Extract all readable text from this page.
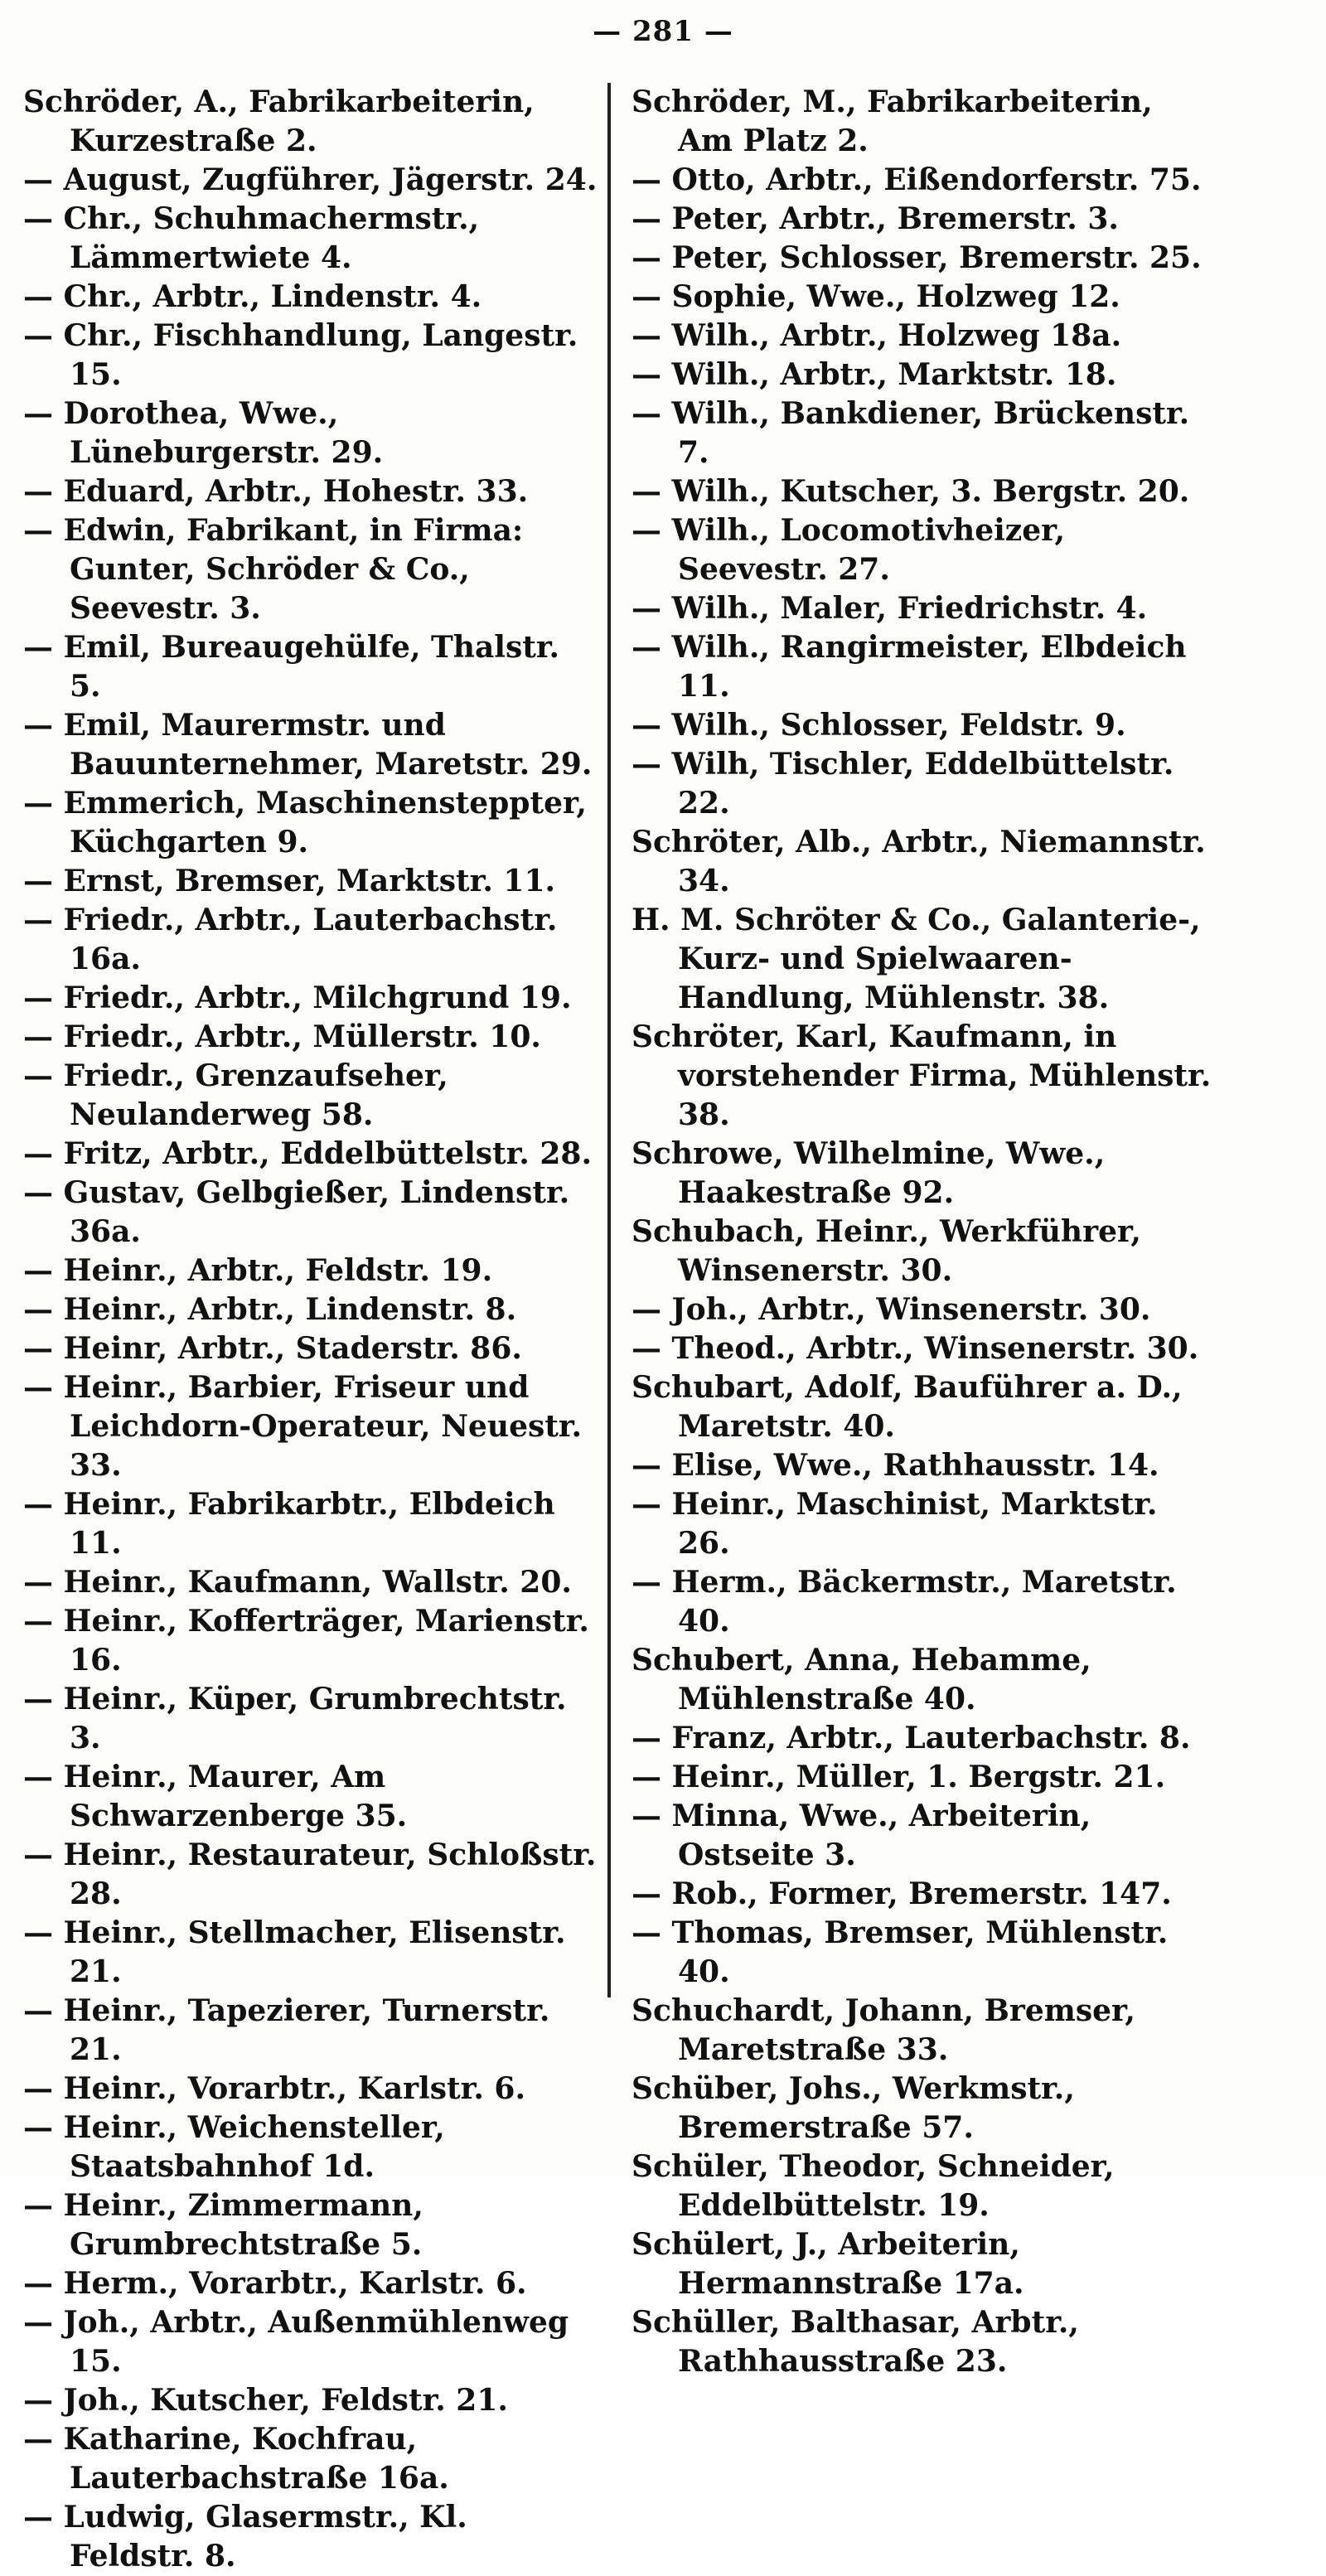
— 281 —

Schröder, A., Fabrikarbeiterin, Kurzestraße 2.

— August, Zugführer, Jägerstr. 24.

— Chr., Schuhmachermstr., Lämmertwiete 4.

— Chr., Arbtr., Lindenstr. 4.

— Chr., Fischhandlung, Langestr. 15.

— Dorothea, Wwe., Lüneburgerstr. 29.

— Eduard, Arbtr., Hohestr. 33.

— Edwin, Fabrikant, in Firma: Gunter, Schröder & Co., Seevestr. 3.

— Emil, Bureaugehülfe, Thalstr. 5.

— Emil, Maurermstr. und Bauunternehmer, Maretstr. 29.

— Emmerich, Maschinensteppter, Küchgarten 9.

— Ernst, Bremser, Marktstr. 11.

— Friedr., Arbtr., Lauterbachstr. 16a.

— Friedr., Arbtr., Milchgrund 19.

— Friedr., Arbtr., Müllerstr. 10.

— Friedr., Grenzaufseher, Neulanderweg 58.

— Fritz, Arbtr., Eddelbüttelstr. 28.

— Gustav, Gelbgießer, Lindenstr. 36a.

— Heinr., Arbtr., Feldstr. 19.

— Heinr., Arbtr., Lindenstr. 8.

— Heinr, Arbtr., Staderstr. 86.

— Heinr., Barbier, Friseur und Leichdorn-Operateur, Neuestr. 33.

— Heinr., Fabrikarbtr., Elbdeich 11.

— Heinr., Kaufmann, Wallstr. 20.

— Heinr., Kofferträger, Marienstr. 16.

— Heinr., Küper, Grumbrechtstr. 3.

— Heinr., Maurer, Am Schwarzenberge 35.

— Heinr., Restaurateur, Schloßstr. 28.

— Heinr., Stellmacher, Elisenstr. 21.

— Heinr., Tapezierer, Turnerstr. 21.

— Heinr., Vorarbtr., Karlstr. 6.

— Heinr., Weichensteller, Staatsbahnhof 1d.

— Heinr., Zimmermann, Grumbrechtstraße 5.

— Herm., Vorarbtr., Karlstr. 6.

— Joh., Arbtr., Außenmühlenweg 15.

— Joh., Kutscher, Feldstr. 21.

— Katharine, Kochfrau, Lauterbachstraße 16a.

— Ludwig, Glasermstr., Kl. Feldstr. 8.

Schröder, M., Fabrikarbeiterin, Am Platz 2.

— Otto, Arbtr., Eißendorferstr. 75.

— Peter, Arbtr., Bremerstr. 3.

— Peter, Schlosser, Bremerstr. 25.

— Sophie, Wwe., Holzweg 12.

— Wilh., Arbtr., Holzweg 18a.

— Wilh., Arbtr., Marktstr. 18.

— Wilh., Bankdiener, Brückenstr. 7.

— Wilh., Kutscher, 3. Bergstr. 20.

— Wilh., Locomotivheizer, Seevestr. 27.

— Wilh., Maler, Friedrichstr. 4.

— Wilh., Rangirmeister, Elbdeich 11.

— Wilh., Schlosser, Feldstr. 9.

— Wilh, Tischler, Eddelbüttelstr. 22.

Schröter, Alb., Arbtr., Niemannstr. 34.

H. M. Schröter & Co., Galanterie-, Kurz- und Spielwaaren-Handlung, Mühlenstr. 38.

Schröter, Karl, Kaufmann, in vorstehender Firma, Mühlenstr. 38.

Schrowe, Wilhelmine, Wwe., Haakestraße 92.

Schubach, Heinr., Werkführer, Winsenerstr. 30.

— Joh., Arbtr., Winsenerstr. 30.

— Theod., Arbtr., Winsenerstr. 30.

Schubart, Adolf, Bauführer a. D., Maretstr. 40.

— Elise, Wwe., Rathhausstr. 14.

— Heinr., Maschinist, Marktstr. 26.

— Herm., Bäckermstr., Maretstr. 40.

Schubert, Anna, Hebamme, Mühlenstraße 40.

— Franz, Arbtr., Lauterbachstr. 8.

— Heinr., Müller, 1. Bergstr. 21.

— Minna, Wwe., Arbeiterin, Ostseite 3.

— Rob., Former, Bremerstr. 147.

— Thomas, Bremser, Mühlenstr. 40.

Schuchardt, Johann, Bremser, Maretstraße 33.

Schüber, Johs., Werkmstr., Bremerstraße 57.

Schüler, Theodor, Schneider, Eddelbüttelstr. 19.

Schülert, J., Arbeiterin, Hermannstraße 17a.

Schüller, Balthasar, Arbtr., Rathhausstraße 23.
